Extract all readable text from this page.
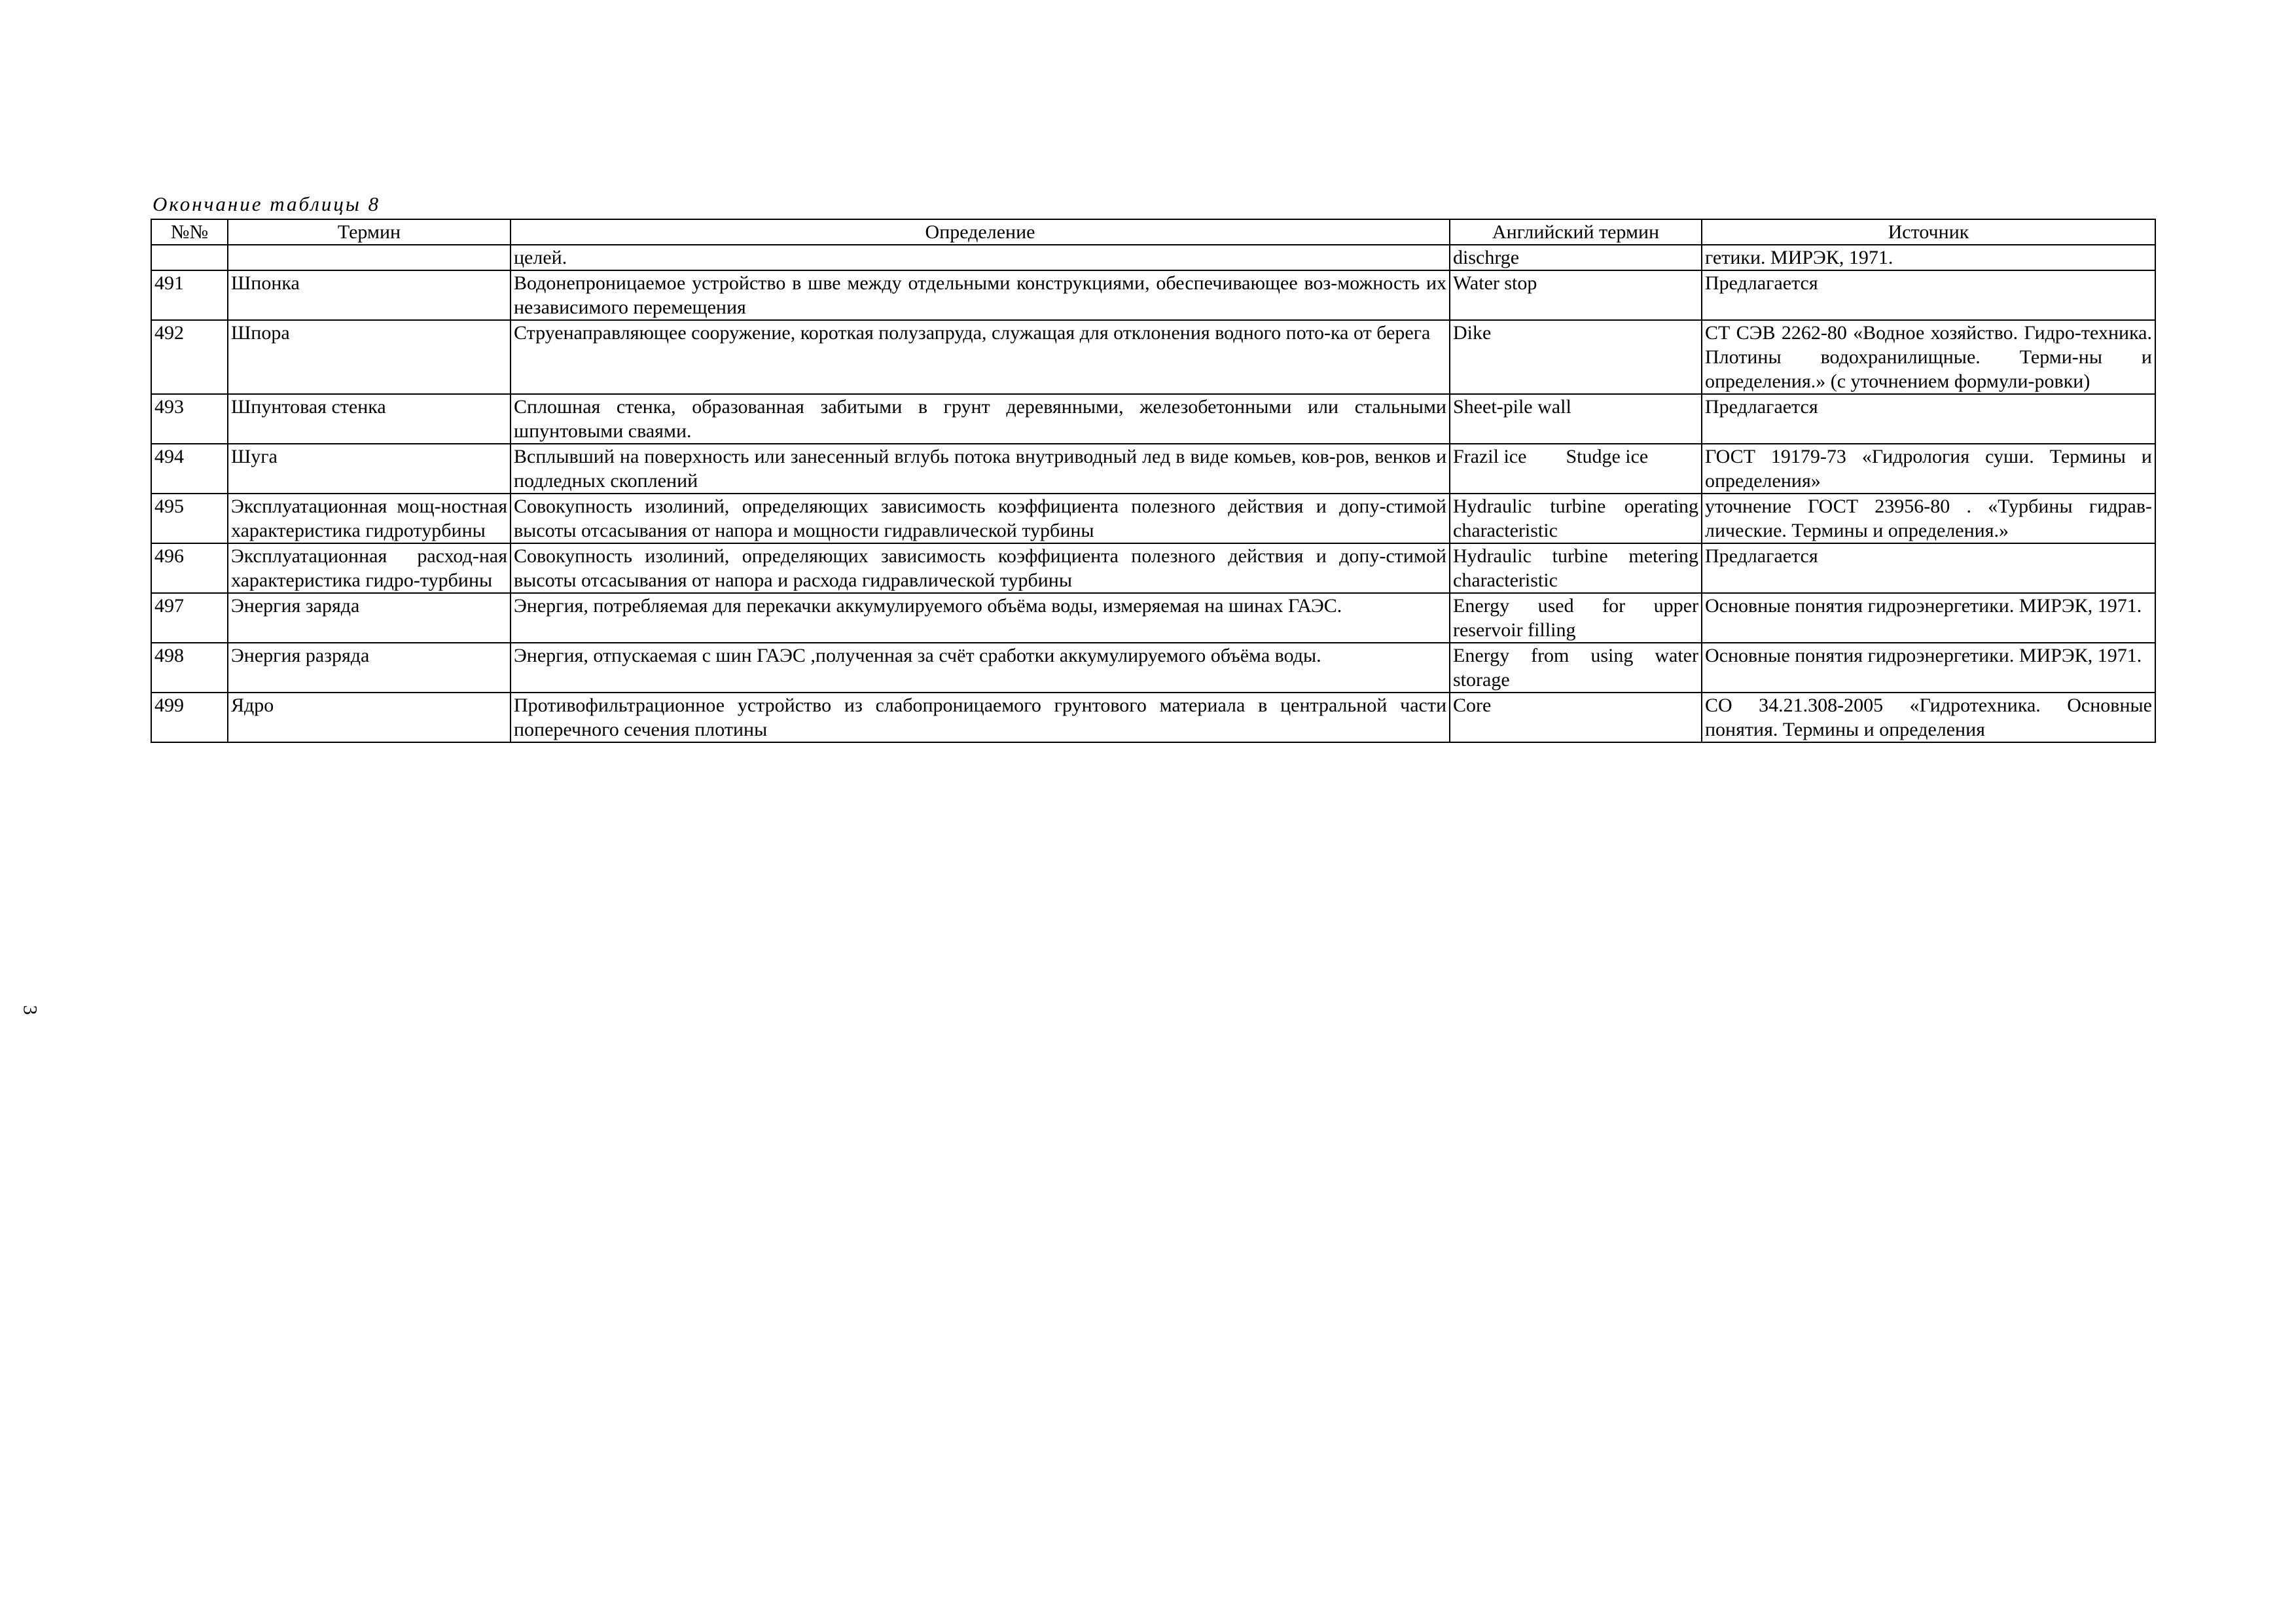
Окончание таблицы 8
№№	Термин	Определение	Английский термин	Источник
		целей.	dischrge	гетики. МИРЭК, 1971.
491	Шпонка	Водонепроницаемое устройство в шве между отдельными конструкциями, обеспечивающее воз-можность их независимого перемещения	Water stop	Предлагается
492	Шпора	Струенаправляющее сооружение, короткая полузапруда, служащая для отклонения водного пото-ка от берега	Dike	СТ СЭВ 2262-80 «Водное хозяйство. Гидро-техника. Плотины водохранилищные. Терми-ны и определения.» (с уточнением формули-ровки)
493	Шпунтовая стенка	Сплошная стенка, образованная забитыми в грунт деревянными, железобетонными или стальными шпунтовыми сваями.	Sheet-pile wall	Предлагается
494	Шуга	Всплывший на поверхность или занесенный вглубь потока внутриводный лед в виде комьев, ков-ров, венков и подледных скоплений	Frazil ice        Studge ice	ГОСТ 19179-73 «Гидрология суши. Термины и определения»
495	Эксплуатационная мощ-ностная характеристика гидротурбины	Совокупность изолиний, определяющих зависимость коэффициента полезного действия и допу-стимой высоты отсасывания от напора и мощности гидравлической турбины	Hydraulic turbine operating characteristic	уточнение ГОСТ 23956-80 . «Турбины гидрав-лические. Термины и определения.»
496	Эксплуатационная расход-ная характеристика гидро-турбины	Совокупность изолиний, определяющих зависимость коэффициента полезного действия и допу-стимой высоты отсасывания от напора и расхода гидравлической турбины	Hydraulic turbine metering characteristic	Предлагается
497	Энергия заряда	Энергия, потребляемая для перекачки аккумулируемого объёма воды, измеряемая на шинах ГАЭС.	Energy used for upper reservoir filling	Основные понятия гидроэнергетики. МИРЭК, 1971.
498	Энергия разряда	Энергия, отпускаемая с шин ГАЭС ,полученная за счёт сработки аккумулируемого объёма воды.	Energy from using water storage	Основные понятия гидроэнергетики. МИРЭК, 1971.
499	Ядро	Противофильтрационное устройство из слабопроницаемого грунтового материала в центральной части поперечного сечения плотины	Core	СО 34.21.308-2005 «Гидротехника. Основные понятия. Термины и определения
3
